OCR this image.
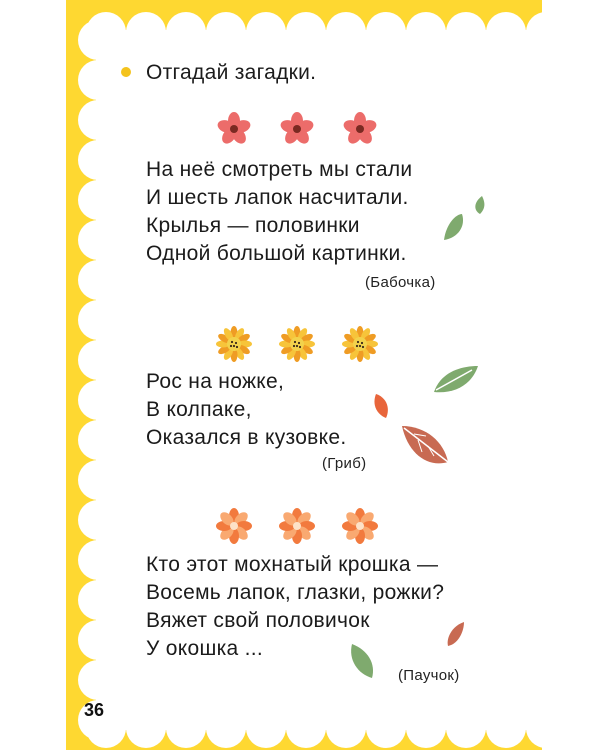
Отгадай загадки.
На неё смотреть мы стали
И шесть лапок насчитали.
Крылья — половинки
Одной большой картинки.
(Бабочка)
Рос на ножке,
В колпаке,
Оказался в кузовке.
(Гриб)
Кто этот мохнатый крошка —
Восемь лапок, глазки, рожки?
Вяжет свой половичок
У окошка ...
(Паучок)
36
